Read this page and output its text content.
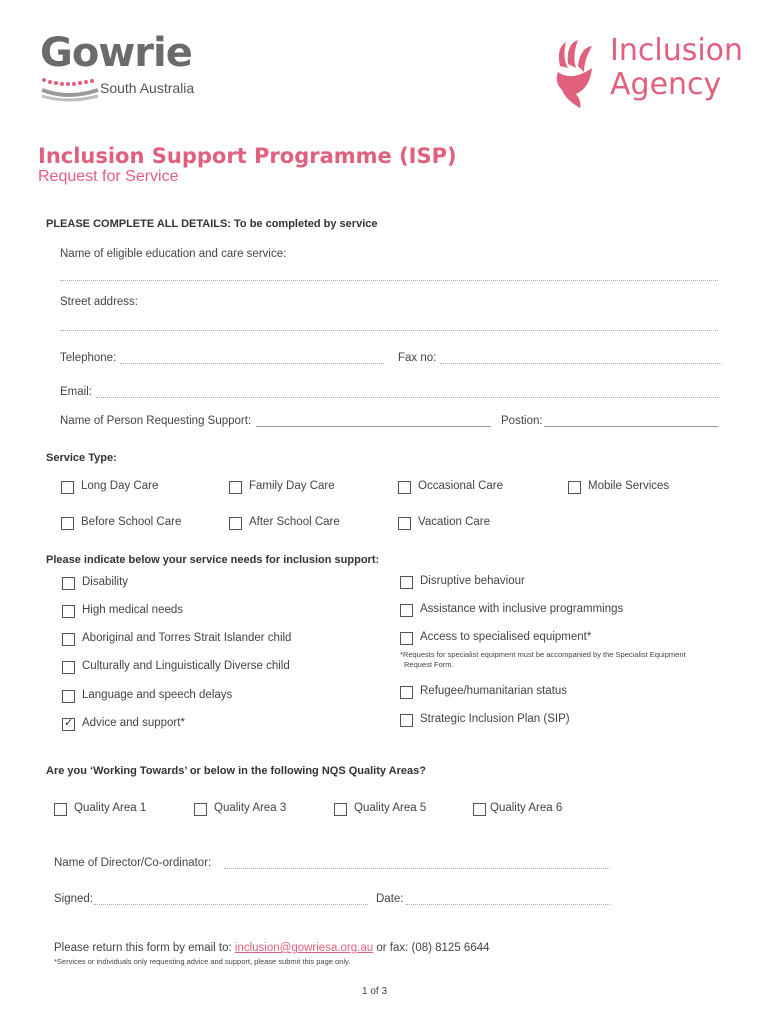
Gowrie
South Australia
Inclusion
Agency
Inclusion Support Programme (ISP)
Request for Service
PLEASE COMPLETE ALL DETAILS: To be completed by service
Name of eligible education and care service:
Street address:
Telephone:	Fax no:
Email:
Name of Person Requesting Support:	Postion:
Service Type:
Long Day Care	Family Day Care	Occasional Care	Mobile Services
Before School Care	After School Care	Vacation Care
Please indicate below your service needs for inclusion support:
Disability
High medical needs
Aboriginal and Torres Strait Islander child
Culturally and Linguistically Diverse child
Language and speech delays
✓
Advice and support*
Disruptive behaviour
Assistance with inclusive programmings
Access to specialised equipment*
*Requests for specialist equipment must be accompanied by the Specialist Equipment
Request Form.
Refugee/humanitarian status
Strategic Inclusion Plan (SIP)
Are you ‘Working Towards’ or below in the following NQS Quality Areas?
Quality Area 1	Quality Area 3	Quality Area 5	Quality Area 6
Name of Director/Co-ordinator:
Signed:	Date:
Please return this form by email to: inclusion@gowriesa.org.au or fax: (08) 8125 6644
*Services or individuals only requesting advice and support, please submit this page only.
1 of 3
